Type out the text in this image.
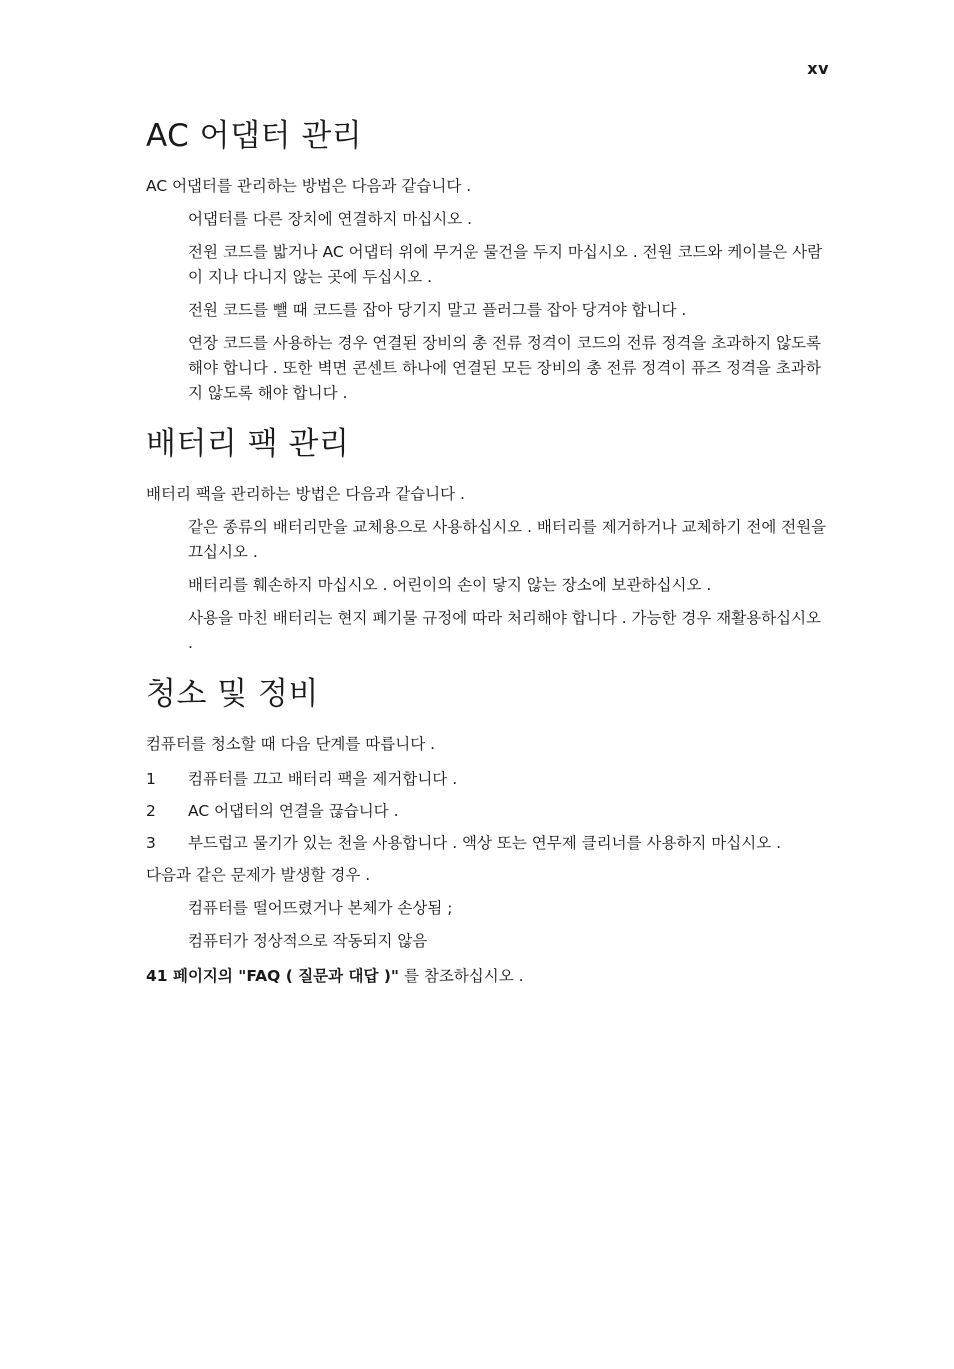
xv
AC 어댑터 관리

AC 어댑터를 관리하는 방법은 다음과 같습니다 .

어댑터를 다른 장치에 연결하지 마십시오 .

전원 코드를 밟거나 AC 어댑터 위에 무거운 물건을 두지 마십시오 . 전원 코드와 케이블은 사람이 지나 다니지 않는 곳에 두십시오 .

전원 코드를 뺄 때 코드를 잡아 당기지 말고 플러그를 잡아 당겨야 합니다 .

연장 코드를 사용하는 경우 연결된 장비의 총 전류 정격이 코드의 전류 정격을 초과하지 않도록 해야 합니다 . 또한 벽면 콘센트 하나에 연결된 모든 장비의 총 전류 정격이 퓨즈 정격을 초과하지 않도록 해야 합니다 .

배터리 팩 관리

배터리 팩을 관리하는 방법은 다음과 같습니다 .

같은 종류의 배터리만을 교체용으로 사용하십시오 . 배터리를 제거하거나 교체하기 전에 전원을 끄십시오 .

배터리를 훼손하지 마십시오 . 어린이의 손이 닿지 않는 장소에 보관하십시오 .

사용을 마친 배터리는 현지 폐기물 규정에 따라 처리해야 합니다 . 가능한 경우 재활용하십시오 .

청소 및 정비

컴퓨터를 청소할 때 다음 단계를 따릅니다 .

1	컴퓨터를 끄고 배터리 팩을 제거합니다 .
2	AC 어댑터의 연결을 끊습니다 .
3	부드럽고 물기가 있는 천을 사용합니다 . 액상 또는 연무제 클리너를 사용하지 마십시오 .

다음과 같은 문제가 발생할 경우 .

컴퓨터를 떨어뜨렸거나 본체가 손상됨 ;

컴퓨터가 정상적으로 작동되지 않음

41 페이지의 "FAQ ( 질문과 대답 )" 를 참조하십시오 .
